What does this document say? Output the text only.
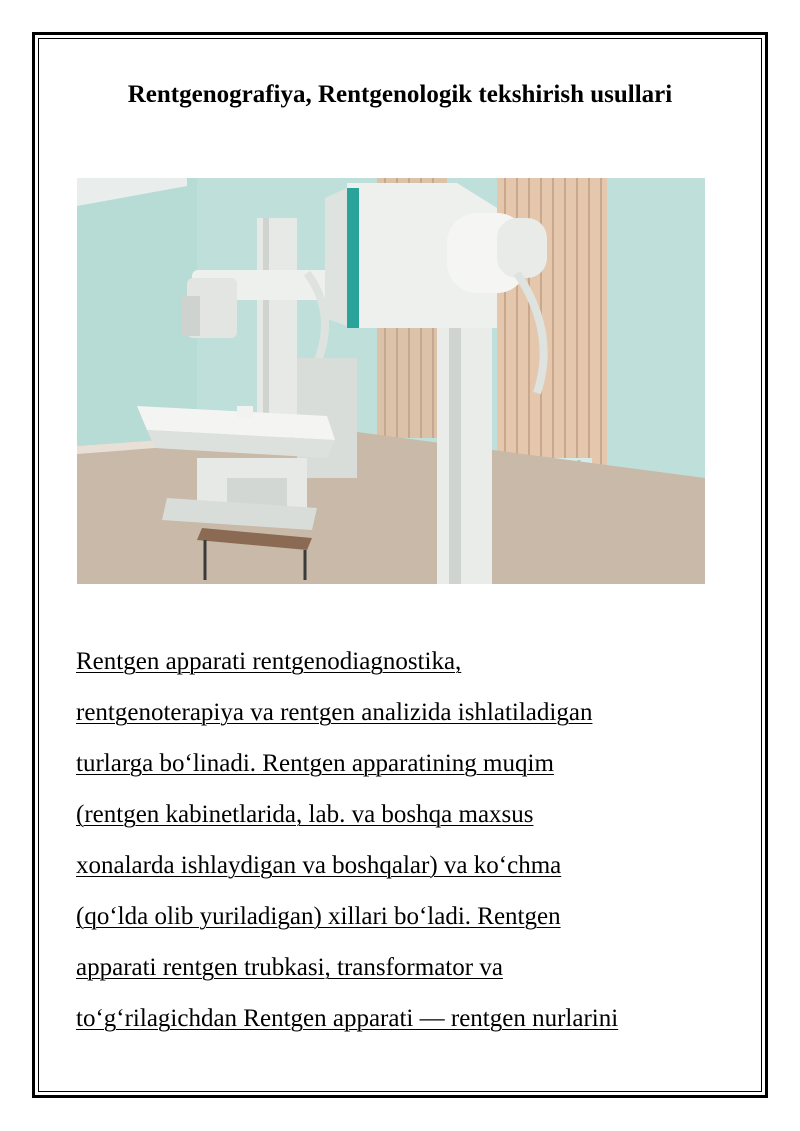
Rentgenografiya, Rentgenologik tekshirish usullari
Rentgen apparati rentgenodiagnostika,
rentgenoterapiya va rentgen analizida ishlatiladigan
turlarga bo‘linadi. Rentgen apparatining muqim
(rentgen kabinetlarida, lab. va boshqa maxsus
xonalarda ishlaydigan va boshqalar) va ko‘chma
(qo‘lda olib yuriladigan) xillari bo‘ladi. Rentgen
apparati rentgen trubkasi, transformator va
to‘g‘rilagichdan Rentgen apparati — rentgen nurlarini
